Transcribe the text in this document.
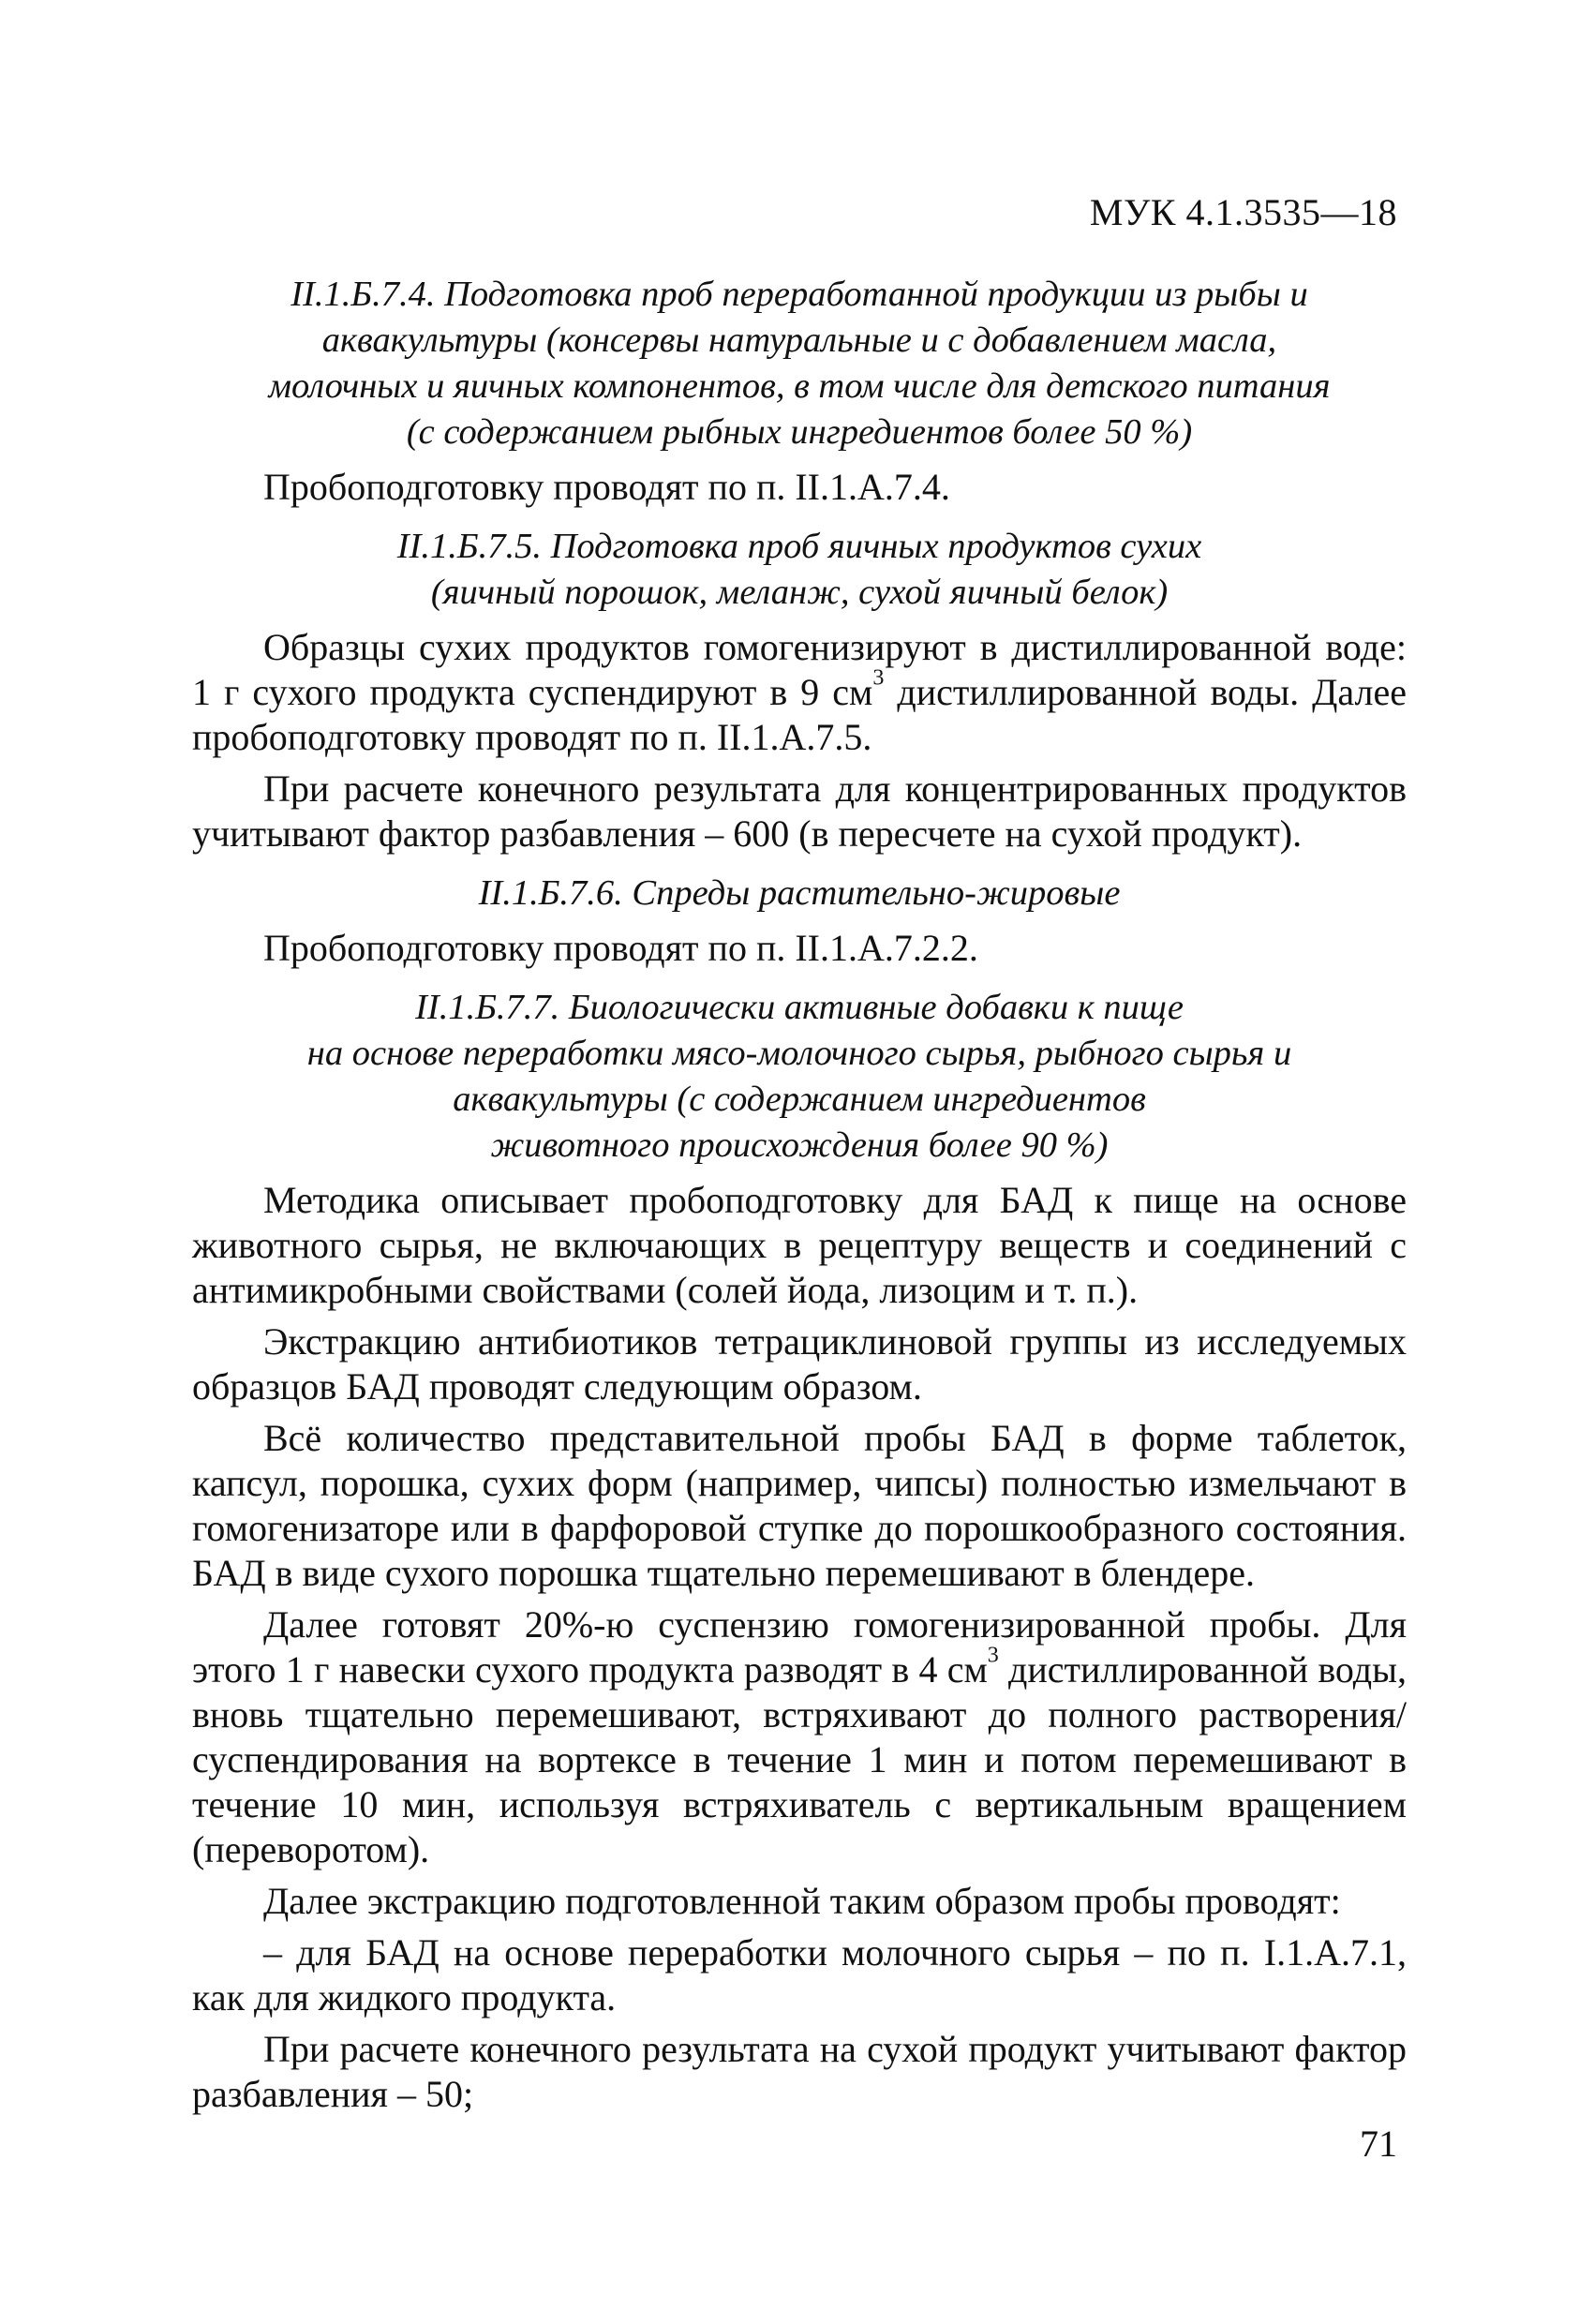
МУК 4.1.3535—18
II.1.Б.7.4. Подготовка проб переработанной продукции из рыбы и
аквакультуры (консервы натуральные и с добавлением масла,
молочных и яичных компонентов, в том числе для детского питания
(с содержанием рыбных ингредиентов более 50 %)

Пробоподготовку проводят по п. II.1.А.7.4.

II.1.Б.7.5. Подготовка проб яичных продуктов сухих
(яичный порошок, меланж, сухой яичный белок)

Образцы сухих продуктов гомогенизируют в дистиллированной воде: 1 г сухого продукта суспендируют в 9 $см^3$ дистиллированной воды. Далее пробоподготовку проводят по п. II.1.А.7.5.

При расчете конечного результата для концентрированных продуктов учитывают фактор разбавления – 600 (в пересчете на сухой продукт).

II.1.Б.7.6. Спреды растительно-жировые

Пробоподготовку проводят по п. II.1.А.7.2.2.

II.1.Б.7.7. Биологически активные добавки к пище
на основе переработки мясо-молочного сырья, рыбного сырья и
аквакультуры (с содержанием ингредиентов
животного происхождения более 90 %)

Методика описывает пробоподготовку для БАД к пище на основе животного сырья, не включающих в рецептуру веществ и соединений с антимикробными свойствами (солей йода, лизоцим и т. п.).

Экстракцию антибиотиков тетрациклиновой группы из исследуемых образцов БАД проводят следующим образом.

Всё количество представительной пробы БАД в форме таблеток, капсул, порошка, сухих форм (например, чипсы) полностью измельчают в гомогенизаторе или в фарфоровой ступке до порошкообразного состояния. БАД в виде сухого порошка тщательно перемешивают в блендере.

Далее готовят 20%-ю суспензию гомогенизированной пробы. Для этого 1 г навески сухого продукта разводят в 4 $см^3$ дистиллированной воды, вновь тщательно перемешивают, встряхивают до полного растворения/суспендирования на вортексе в течение 1 мин и потом перемешивают в течение 10 мин, используя встряхиватель с вертикальным вращением (переворотом).

Далее экстракцию подготовленной таким образом пробы проводят:

– для БАД на основе переработки молочного сырья – по п. I.1.А.7.1, как для жидкого продукта.

При расчете конечного результата на сухой продукт учитывают фактор разбавления – 50;

71
